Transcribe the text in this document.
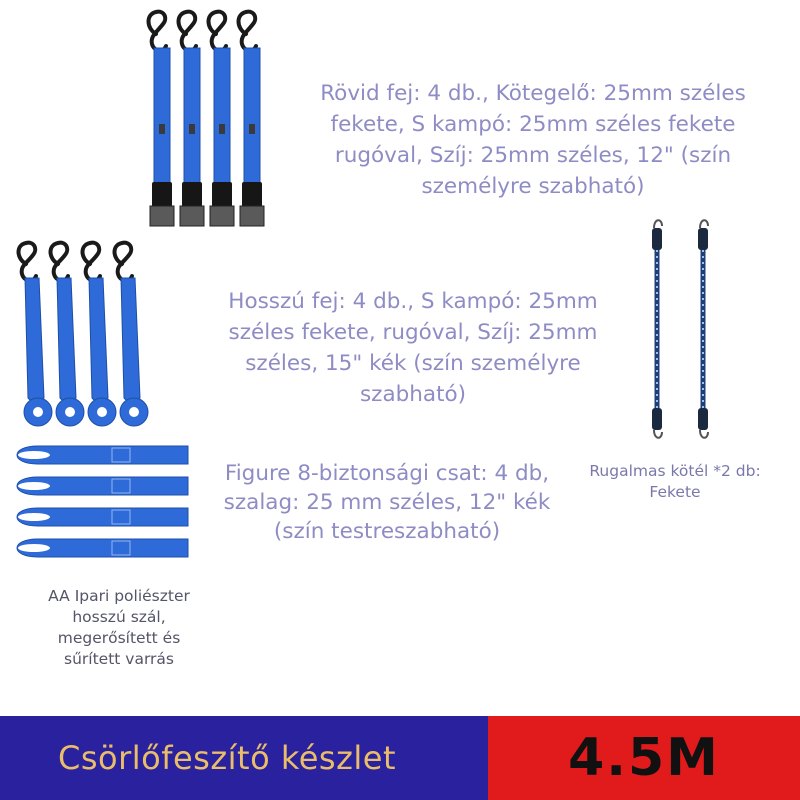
Rövid fej: 4 db., Kötegelő: 25mm széles fekete, S kampó: 25mm széles fekete rugóval, Szíj: 25mm széles, 12" (szín személyre szabható)
Hosszú fej: 4 db., S kampó: 25mm széles fekete, rugóval, Szíj: 25mm széles, 15" kék (szín személyre szabható)
Figure 8-biztonsági csat: 4 db, szalag: 25 mm széles, 12" kék (szín testreszabható)
Rugalmas kötél *2 db: Fekete
AA Ipari poliészter hosszú szál, megerősített és sűrített varrás
Csörlőfeszítő készlet	4.5M
